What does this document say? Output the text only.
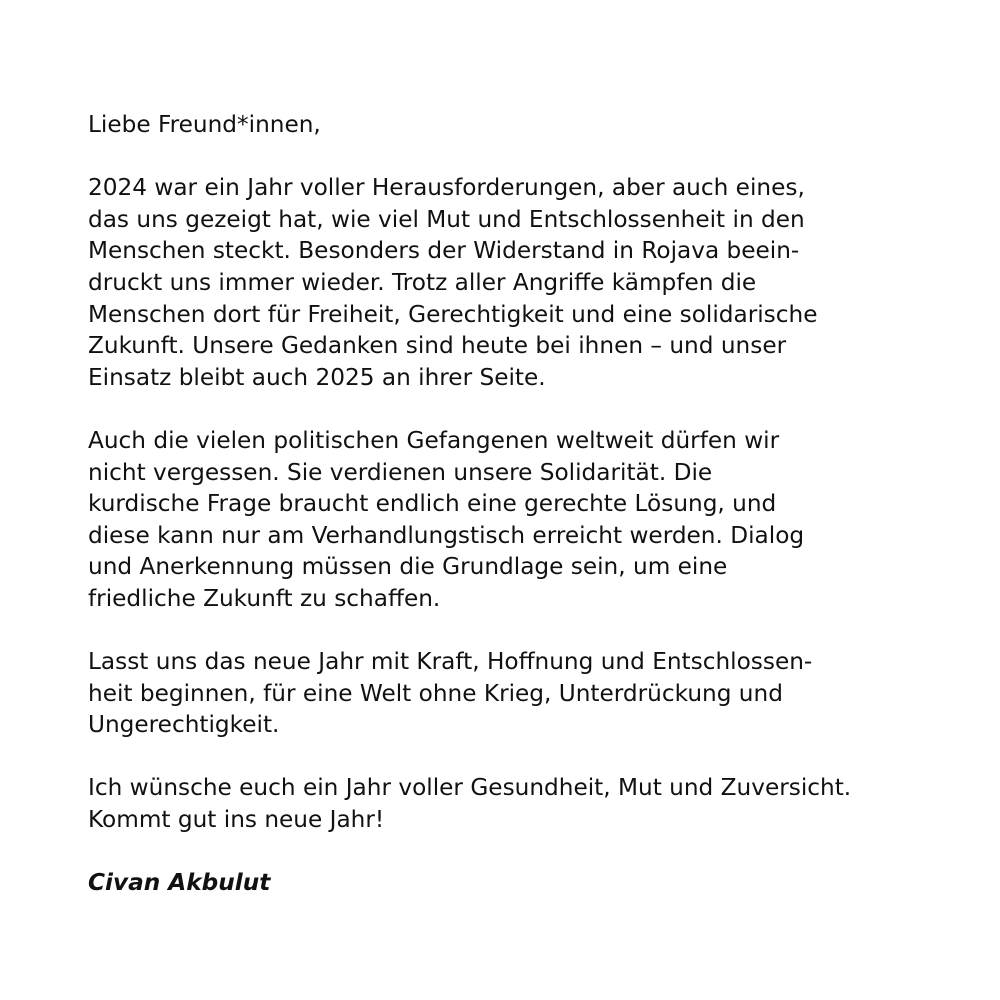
Liebe Freund*innen,

2024 war ein Jahr voller Herausforderungen, aber auch eines,
das uns gezeigt hat, wie viel Mut und Entschlossenheit in den
Menschen steckt. Besonders der Widerstand in Rojava beein-
druckt uns immer wieder. Trotz aller Angriffe kämpfen die
Menschen dort für Freiheit, Gerechtigkeit und eine solidarische
Zukunft. Unsere Gedanken sind heute bei ihnen – und unser
Einsatz bleibt auch 2025 an ihrer Seite.

Auch die vielen politischen Gefangenen weltweit dürfen wir
nicht vergessen. Sie verdienen unsere Solidarität. Die
kurdische Frage braucht endlich eine gerechte Lösung, und
diese kann nur am Verhandlungstisch erreicht werden. Dialog
und Anerkennung müssen die Grundlage sein, um eine
friedliche Zukunft zu schaffen.

Lasst uns das neue Jahr mit Kraft, Hoffnung und Entschlossen-
heit beginnen, für eine Welt ohne Krieg, Unterdrückung und
Ungerechtigkeit.

Ich wünsche euch ein Jahr voller Gesundheit, Mut und Zuversicht.
Kommt gut ins neue Jahr!

Civan Akbulut
